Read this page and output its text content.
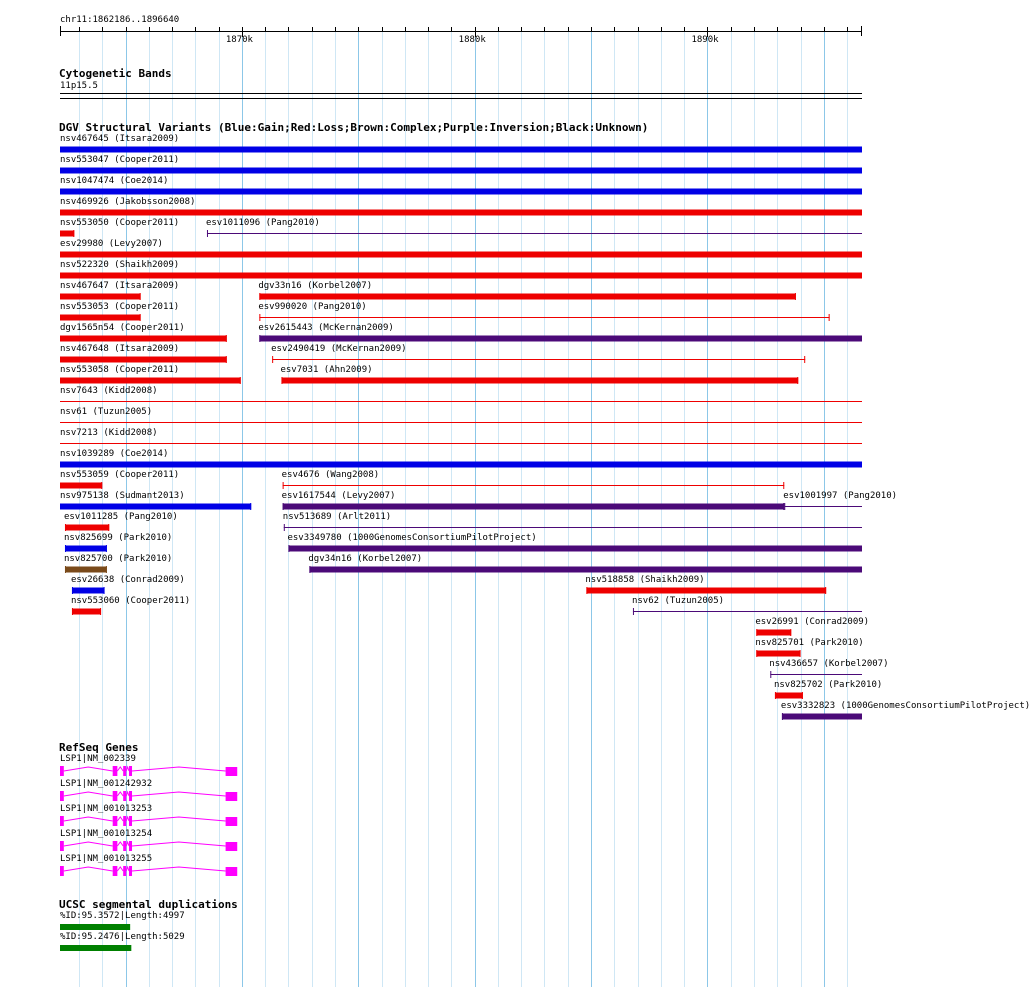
chr11:1862186..1896640
1870k	1880k	1890k
Cytogenetic Bands
11p15.5
DGV Structural Variants (Blue:Gain;Red:Loss;Brown:Complex;Purple:Inversion;Black:Unknown)
RefSeq Genes
UCSC segmental duplications
nsv467645 (Itsara2009)
nsv553047 (Cooper2011)
nsv1047474 (Coe2014)
nsv469926 (Jakobsson2008)
nsv553050 (Cooper2011)	esv1011096 (Pang2010)
esv29980 (Levy2007)
nsv522320 (Shaikh2009)
nsv467647 (Itsara2009)	dgv33n16 (Korbel2007)
nsv553053 (Cooper2011)	esv990020 (Pang2010)
dgv1565n54 (Cooper2011)	esv2615443 (McKernan2009)
nsv467648 (Itsara2009)	esv2490419 (McKernan2009)
nsv553058 (Cooper2011)	esv7031 (Ahn2009)
nsv7643 (Kidd2008)
nsv61 (Tuzun2005)
nsv7213 (Kidd2008)
nsv1039289 (Coe2014)
nsv553059 (Cooper2011)	esv4676 (Wang2008)
nsv975138 (Sudmant2013)	esv1617544 (Levy2007)	esv1001997 (Pang2010)
esv1011285 (Pang2010)	nsv513689 (Arlt2011)
nsv825699 (Park2010)	esv3349780 (1000GenomesConsortiumPilotProject)
nsv825700 (Park2010)	dgv34n16 (Korbel2007)
esv26638 (Conrad2009)	nsv518858 (Shaikh2009)
nsv553060 (Cooper2011)	nsv62 (Tuzun2005)
esv26991 (Conrad2009)
nsv825701 (Park2010)
nsv436657 (Korbel2007)
nsv825702 (Park2010)
esv3332823 (1000GenomesConsortiumPilotProject)
LSP1|NM_002339
LSP1|NM_001242932
LSP1|NM_001013253
LSP1|NM_001013254
LSP1|NM_001013255
%ID:95.3572|Length:4997
%ID:95.2476|Length:5029
